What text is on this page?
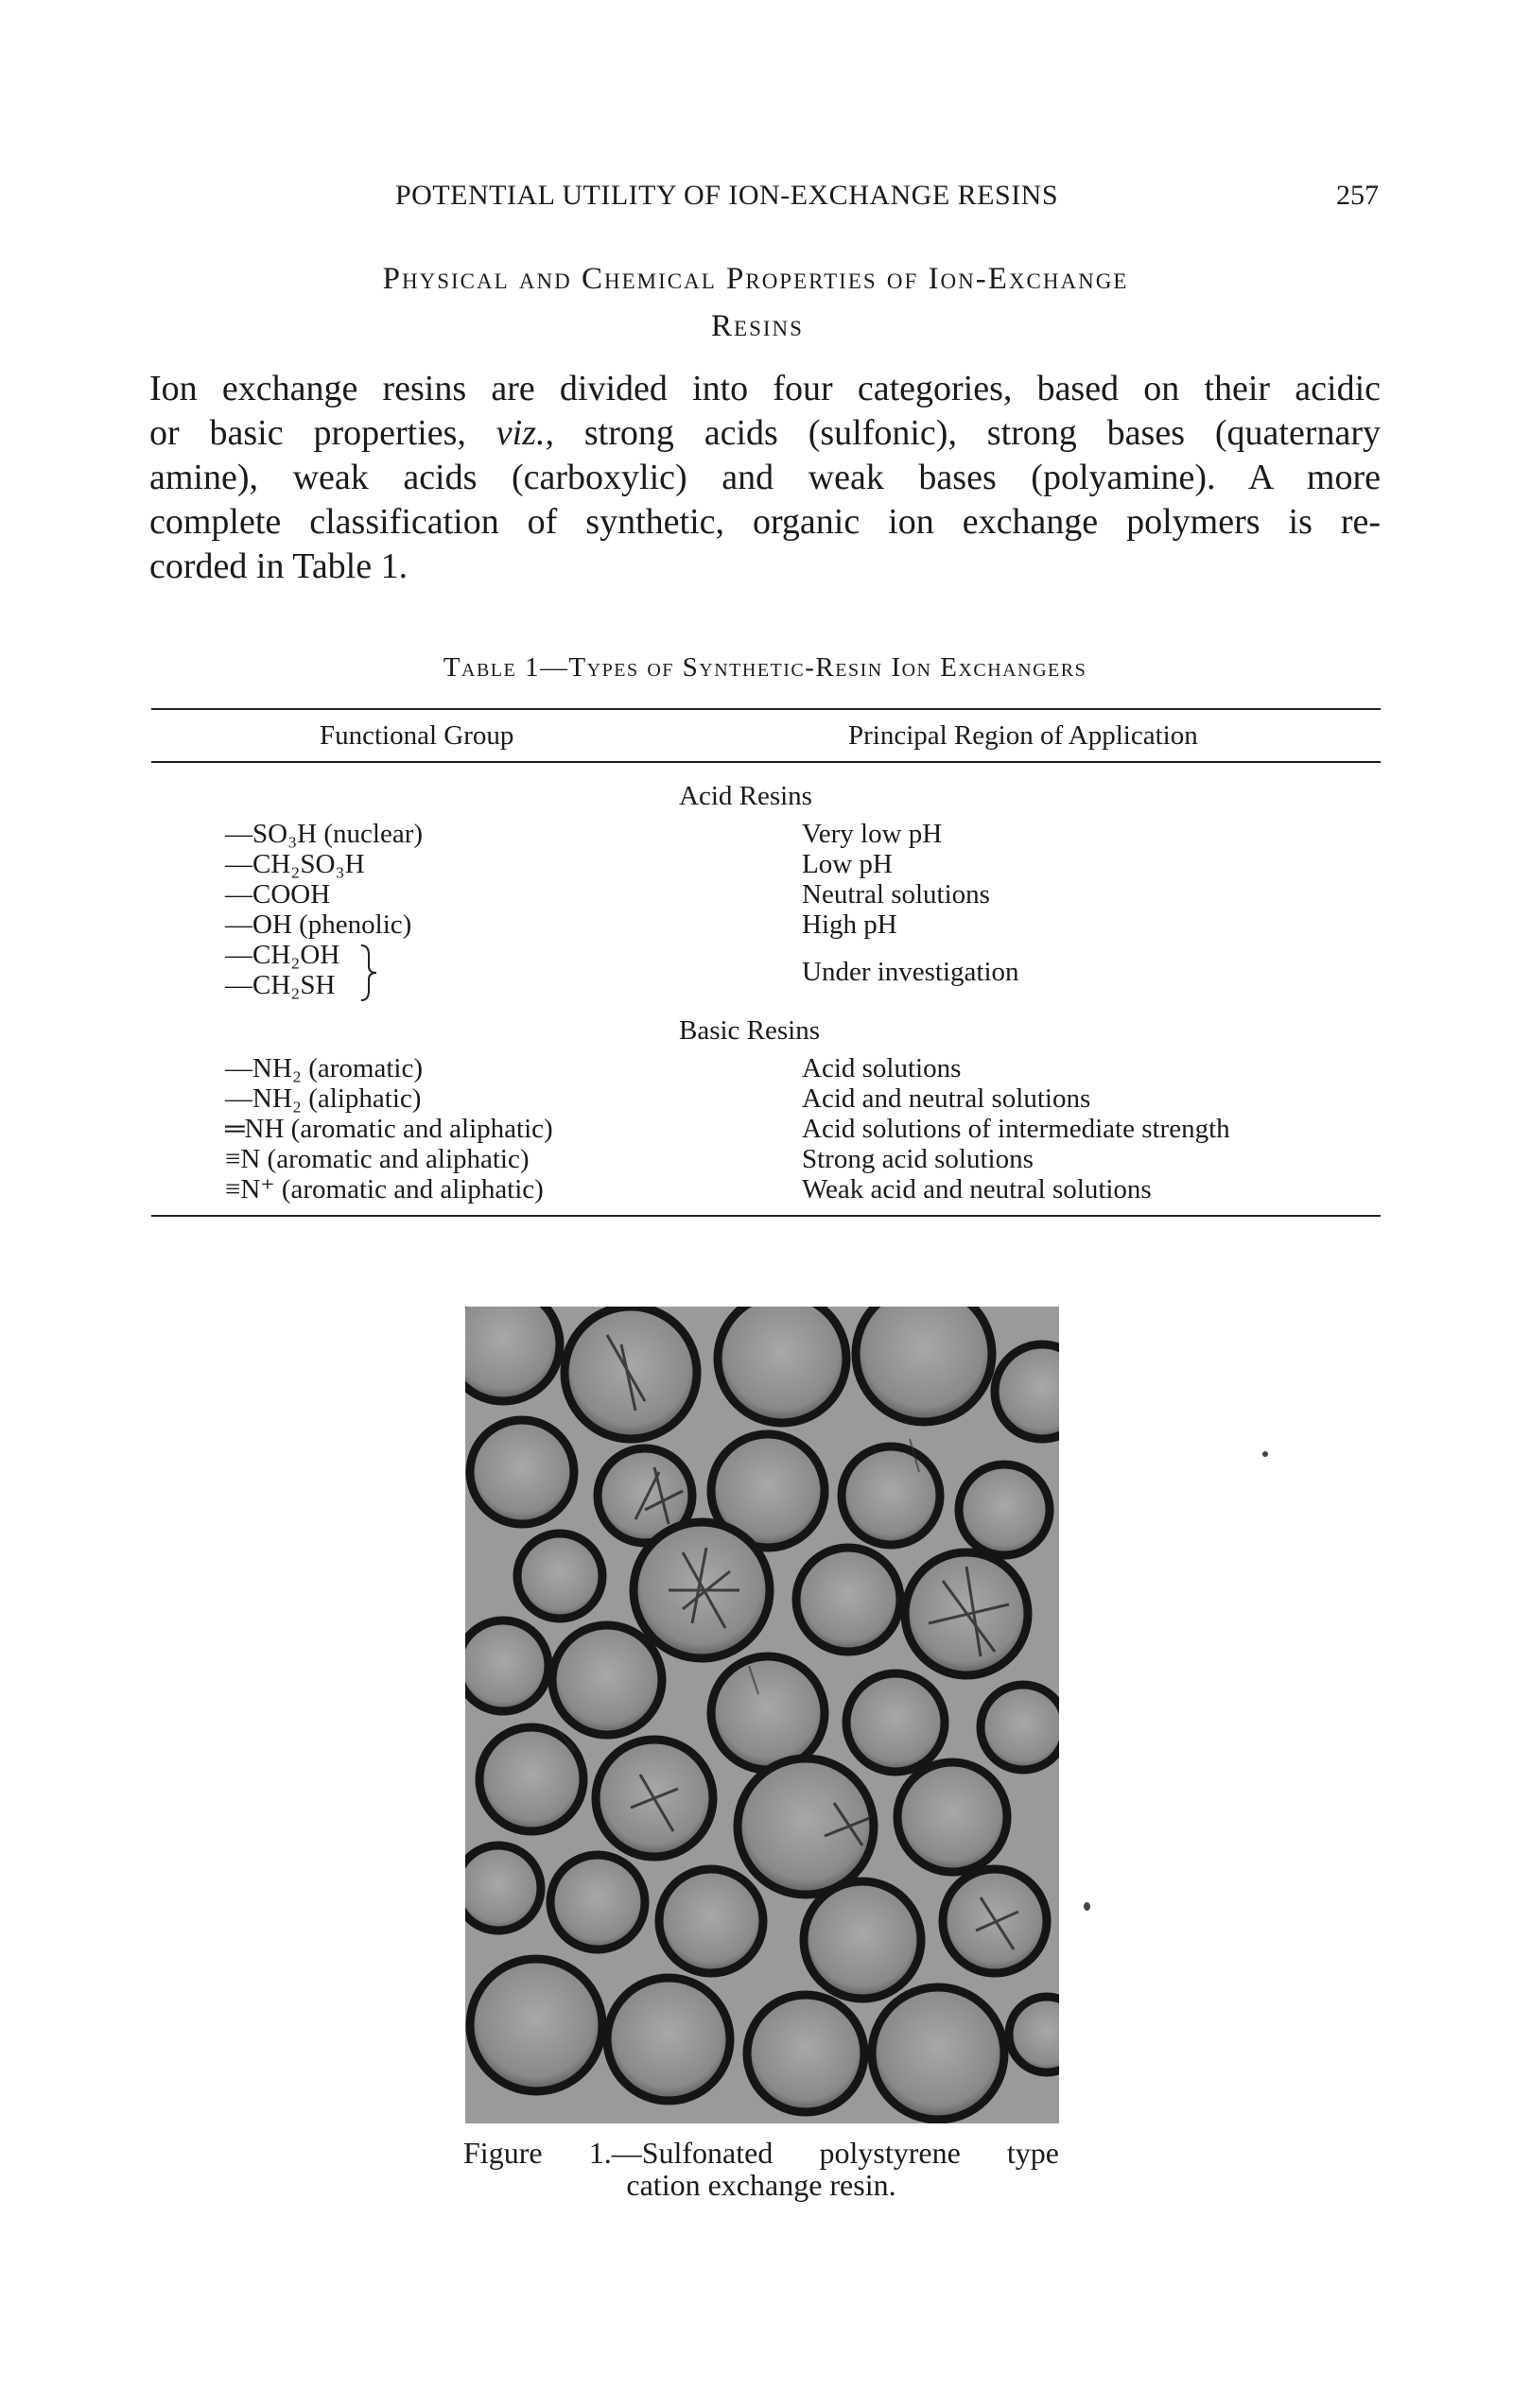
POTENTIAL UTILITY OF ION-EXCHANGE RESINS	257
Physical and Chemical Properties of Ion-Exchange
Resins
Ion exchange resins are divided into four categories, based on their acidic
or basic properties, viz., strong acids (sulfonic), strong bases (quaternary
amine), weak acids (carboxylic) and weak bases (polyamine). A more
complete classification of synthetic, organic ion exchange polymers is re-
corded in Table 1.
Table 1—Types of Synthetic-Resin Ion Exchangers
Functional Group	Principal Region of Application
Acid Resins
—SO₃H (nuclear)	Very low pH
—CH₂SO₃H	Low pH
—COOH	Neutral solutions
—OH (phenolic)	High pH
—CH₂OH
—CH₂SH	Under investigation
Basic Resins
—NH₂ (aromatic)	Acid solutions
—NH₂ (aliphatic)	Acid and neutral solutions
═NH (aromatic and aliphatic)	Acid solutions of intermediate strength
≡N (aromatic and aliphatic)	Strong acid solutions
≡N⁺ (aromatic and aliphatic)	Weak acid and neutral solutions
Figure 1.—Sulfonated polystyrene type
cation exchange resin.
